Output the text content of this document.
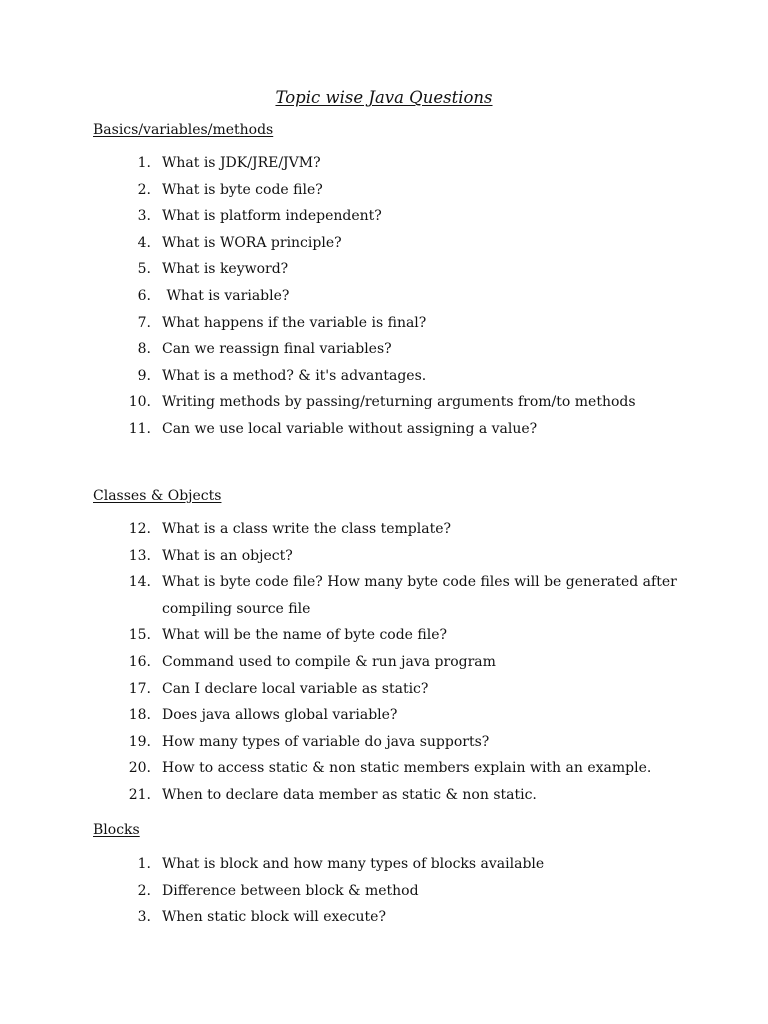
Topic wise Java Questions
Basics/variables/methods
1. What is JDK/JRE/JVM?
2. What is byte code file?
3. What is platform independent?
4. What is WORA principle?
5. What is keyword?
6. What is variable?
7. What happens if the variable is final?
8. Can we reassign final variables?
9. What is a method? & it's advantages.
10. Writing methods by passing/returning arguments from/to methods
11. Can we use local variable without assigning a value?
Classes & Objects
12. What is a class write the class template?
13. What is an object?
14. What is byte code file? How many byte code files will be generated after
compiling source file
15. What will be the name of byte code file?
16. Command used to compile & run java program
17. Can I declare local variable as static?
18. Does java allows global variable?
19. How many types of variable do java supports?
20. How to access static & non static members explain with an example.
21. When to declare data member as static & non static.
Blocks
1. What is block and how many types of blocks available
2. Difference between block & method
3. When static block will execute?
